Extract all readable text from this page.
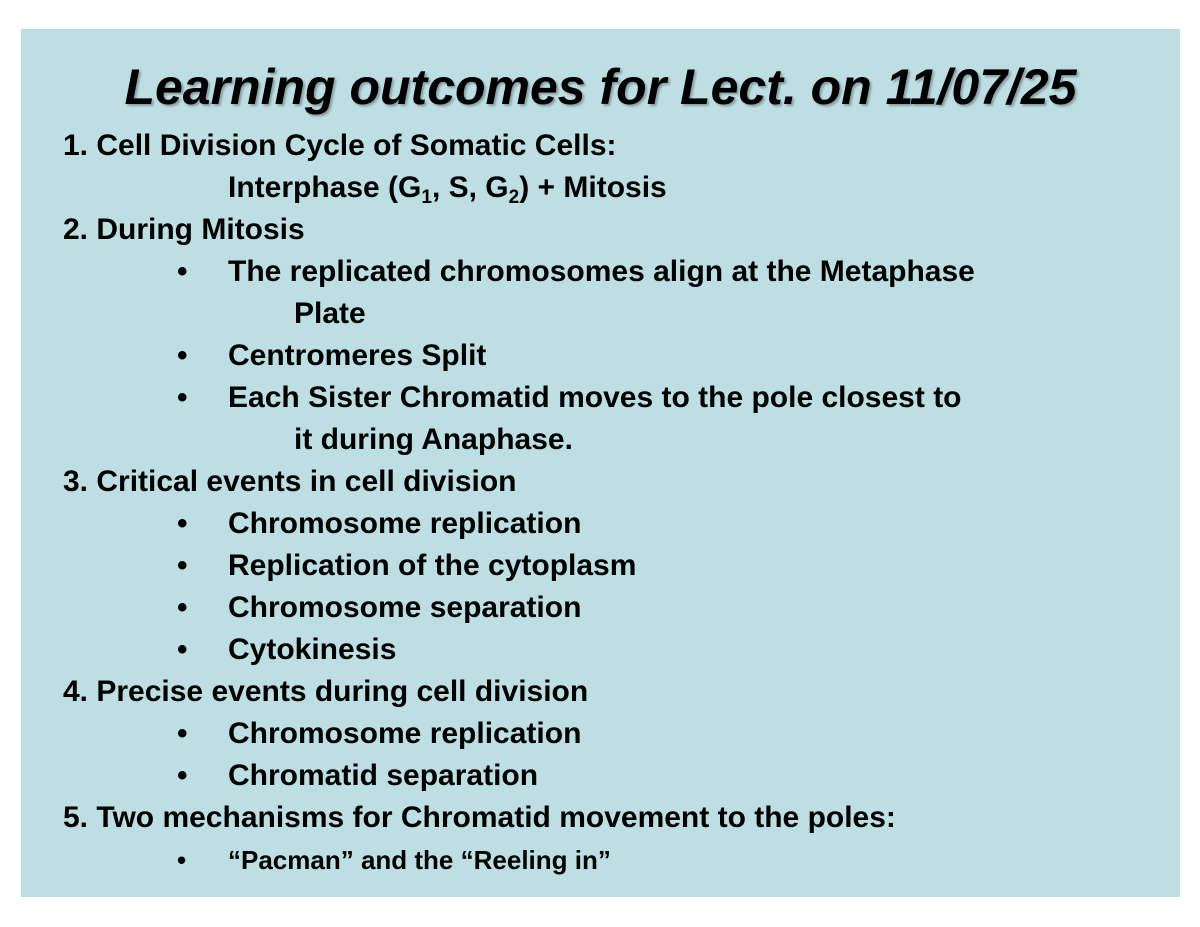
Learning outcomes for Lect. on 11/07/25
1. Cell Division Cycle of Somatic Cells:
Interphase ($G_1$, S, $G_2$) + Mitosis
2. During Mitosis
• The replicated chromosomes align at the Metaphase
Plate
• Centromeres Split
• Each Sister Chromatid moves to the pole closest to
it during Anaphase.
3. Critical events in cell division
• Chromosome replication
• Replication of the cytoplasm
• Chromosome separation
• Cytokinesis
4. Precise events during cell division
• Chromosome replication
• Chromatid separation
5. Two mechanisms for Chromatid movement to the poles:
• “Pacman” and the “Reeling in”
